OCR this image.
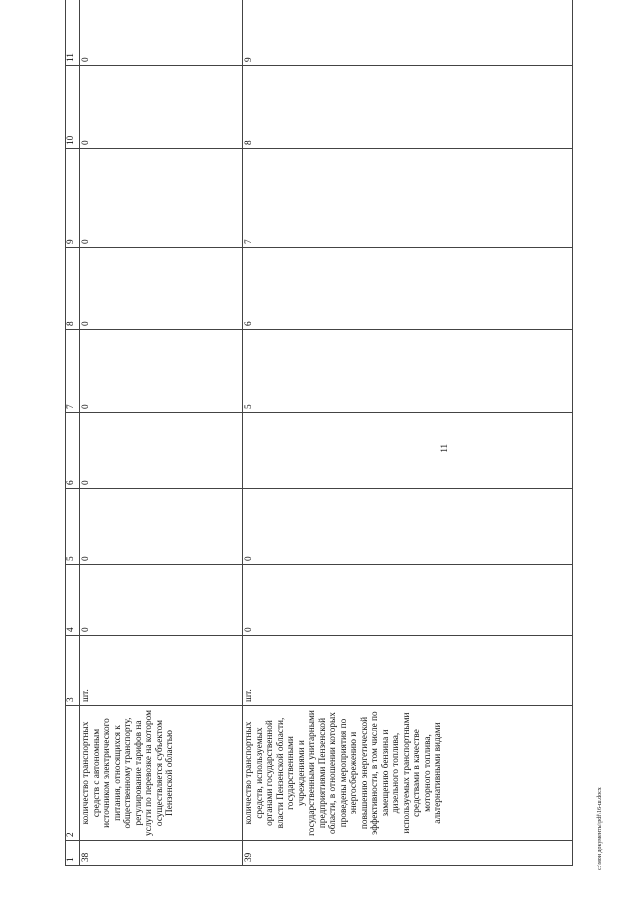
11
1	2	3	4	5	6	7	8	9	10	11
38	количество транспортных средств с автономным источником электрического питания, относящихся к общественному транспорту, регулирование тарифов на услуги по перевозке на котором осуществляется субъектом Пензенской областью	шт.	0	0	0	0	0	0	0	0
39	количество транспортных средств, используемых органами государственной власти Пензенской области, государственными учреждениями и государственными унитарными предприятиями Пензенской области, в отношении которых проведены мероприятия по энергосбережению и повышению энергетической эффективности, в том числе по замещению бензина и дизельного топлива, используемых транспортными средствами в качестве моторного топлива, альтернативными видами	шт.	0	0		5	6	7	8	9
c:\мои документы\pdf\16-ш.docx
